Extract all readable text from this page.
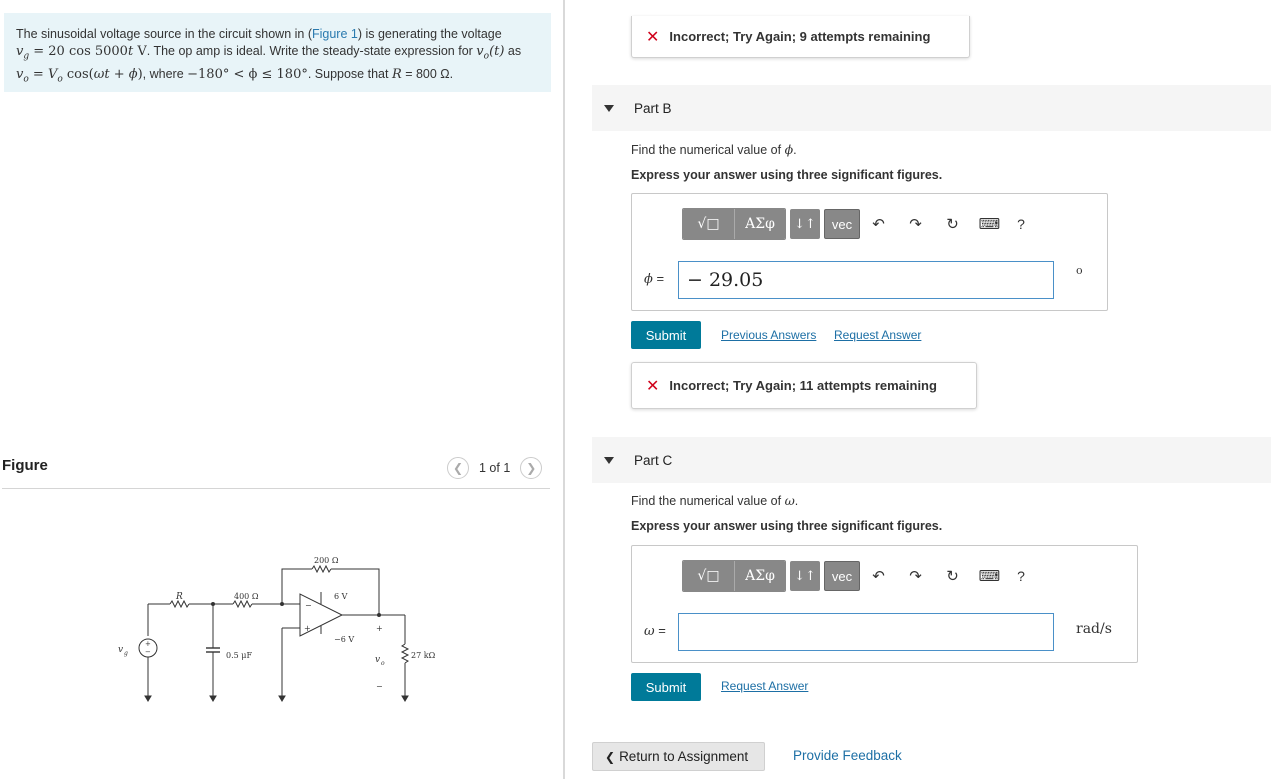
The sinusoidal voltage source in the circuit shown in (Figure 1) is generating the voltage
$v_g = 20$ cos 5000t V. The op amp is ideal. Write the steady-state expression for $v_o(t)$ as
$v_o = V_o$ cos(ωt + ϕ), where −180° < ϕ ≤ 180°. Suppose that R = 800 Ω.
Figure	❮	1 of 1	❯
200 Ω
R	400 Ω	6 V
−6 V
0.5 μF	27 kΩ
v g
v o
+
−
+
−
−
+
✕ Incorrect; Try Again; 9 attempts remaining
Part B
Find the numerical value of ϕ.
Express your answer using three significant figures.
√□	ΑΣφ	↓↑	vec	↶	↷	↻	⌨	?
ϕ =	− 29.05	o
Submit	Previous Answers Request Answer
✕ Incorrect; Try Again; 11 attempts remaining
Part C
Find the numerical value of ω.
Express your answer using three significant figures.
√□	ΑΣφ	↓↑	vec	↶	↷	↻	⌨	?
ω =	rad/s
Submit	Request Answer
❮ Return to Assignment	Provide Feedback
